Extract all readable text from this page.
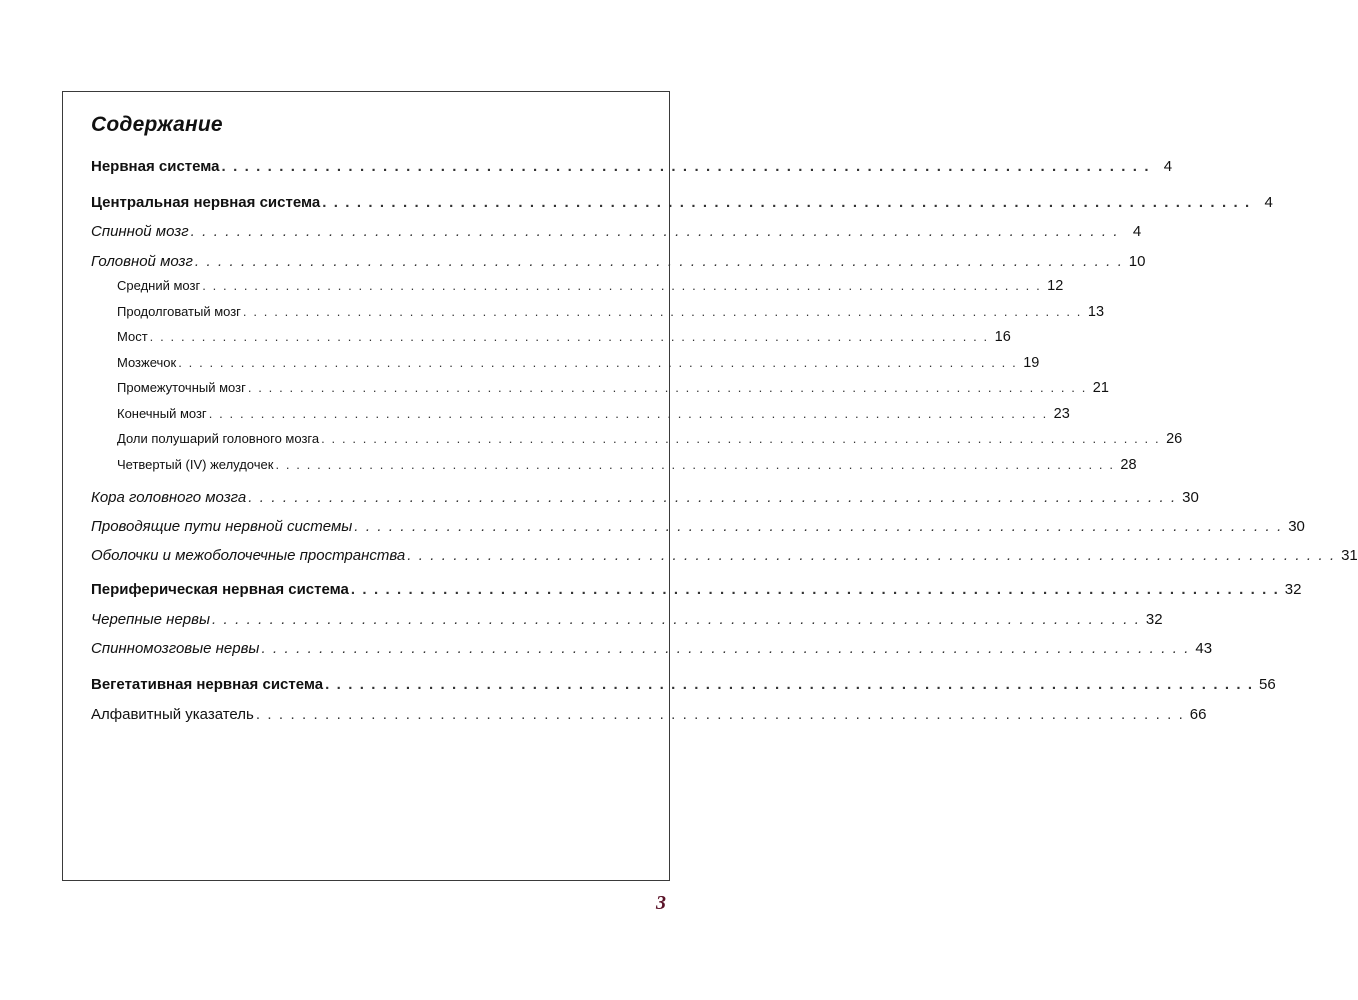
Содержание
Нервная система . . . . . . . . . . . . . . . . . . . . . . . . . . . . . . . . . . . . . . . . . . . . . . . . . . . . . . . . . . . . . . . . . . . . . . . . . . . . . . . . . 4
Центральная нервная система . . . . . . . . . . . . . . . . . . . . . . . . . . . . . . . . . . . . . . . . . . . . . . . . . . . . . . . . . . . . . . . . . . . . . . . . . . . . . . . . . 4
Спинной мозг . . . . . . . . . . . . . . . . . . . . . . . . . . . . . . . . . . . . . . . . . . . . . . . . . . . . . . . . . . . . . . . . . . . . . . . . . . . . . . . . . 4
Головной мозг . . . . . . . . . . . . . . . . . . . . . . . . . . . . . . . . . . . . . . . . . . . . . . . . . . . . . . . . . . . . . . . . . . . . . . . . . . . . . . . . . 10
Средний мозг . . . . . . . . . . . . . . . . . . . . . . . . . . . . . . . . . . . . . . . . . . . . . . . . . . . . . . . . . . . . . . . . . . . . . . . . . . . . . . . . . 12
Продолговатый мозг . . . . . . . . . . . . . . . . . . . . . . . . . . . . . . . . . . . . . . . . . . . . . . . . . . . . . . . . . . . . . . . . . . . . . . . . . . . . . . . . . 13
Мост . . . . . . . . . . . . . . . . . . . . . . . . . . . . . . . . . . . . . . . . . . . . . . . . . . . . . . . . . . . . . . . . . . . . . . . . . . . . . . . . . 16
Мозжечок . . . . . . . . . . . . . . . . . . . . . . . . . . . . . . . . . . . . . . . . . . . . . . . . . . . . . . . . . . . . . . . . . . . . . . . . . . . . . . . . . 19
Промежуточный мозг . . . . . . . . . . . . . . . . . . . . . . . . . . . . . . . . . . . . . . . . . . . . . . . . . . . . . . . . . . . . . . . . . . . . . . . . . . . . . . . . . 21
Конечный мозг . . . . . . . . . . . . . . . . . . . . . . . . . . . . . . . . . . . . . . . . . . . . . . . . . . . . . . . . . . . . . . . . . . . . . . . . . . . . . . . . . 23
Доли полушарий головного мозга . . . . . . . . . . . . . . . . . . . . . . . . . . . . . . . . . . . . . . . . . . . . . . . . . . . . . . . . . . . . . . . . . . . . . . . . . . . . . . . . . 26
Четвертый (IV) желудочек . . . . . . . . . . . . . . . . . . . . . . . . . . . . . . . . . . . . . . . . . . . . . . . . . . . . . . . . . . . . . . . . . . . . . . . . . . . . . . . . . 28
Кора головного мозга . . . . . . . . . . . . . . . . . . . . . . . . . . . . . . . . . . . . . . . . . . . . . . . . . . . . . . . . . . . . . . . . . . . . . . . . . . . . . . . . . 30
Проводящие пути нервной системы . . . . . . . . . . . . . . . . . . . . . . . . . . . . . . . . . . . . . . . . . . . . . . . . . . . . . . . . . . . . . . . . . . . . . . . . . . . . . . . . . 30
Оболочки и межоболочечные пространства . . . . . . . . . . . . . . . . . . . . . . . . . . . . . . . . . . . . . . . . . . . . . . . . . . . . . . . . . . . . . . . . . . . . . . . . . . . . . . . . . 31
Периферическая нервная система . . . . . . . . . . . . . . . . . . . . . . . . . . . . . . . . . . . . . . . . . . . . . . . . . . . . . . . . . . . . . . . . . . . . . . . . . . . . . . . . . 32
Черепные нервы . . . . . . . . . . . . . . . . . . . . . . . . . . . . . . . . . . . . . . . . . . . . . . . . . . . . . . . . . . . . . . . . . . . . . . . . . . . . . . . . . 32
Спинномозговые нервы . . . . . . . . . . . . . . . . . . . . . . . . . . . . . . . . . . . . . . . . . . . . . . . . . . . . . . . . . . . . . . . . . . . . . . . . . . . . . . . . . 43
Вегетативная нервная система . . . . . . . . . . . . . . . . . . . . . . . . . . . . . . . . . . . . . . . . . . . . . . . . . . . . . . . . . . . . . . . . . . . . . . . . . . . . . . . . . 56
Алфавитный указатель . . . . . . . . . . . . . . . . . . . . . . . . . . . . . . . . . . . . . . . . . . . . . . . . . . . . . . . . . . . . . . . . . . . . . . . . . . . . . . . . . 66

3
